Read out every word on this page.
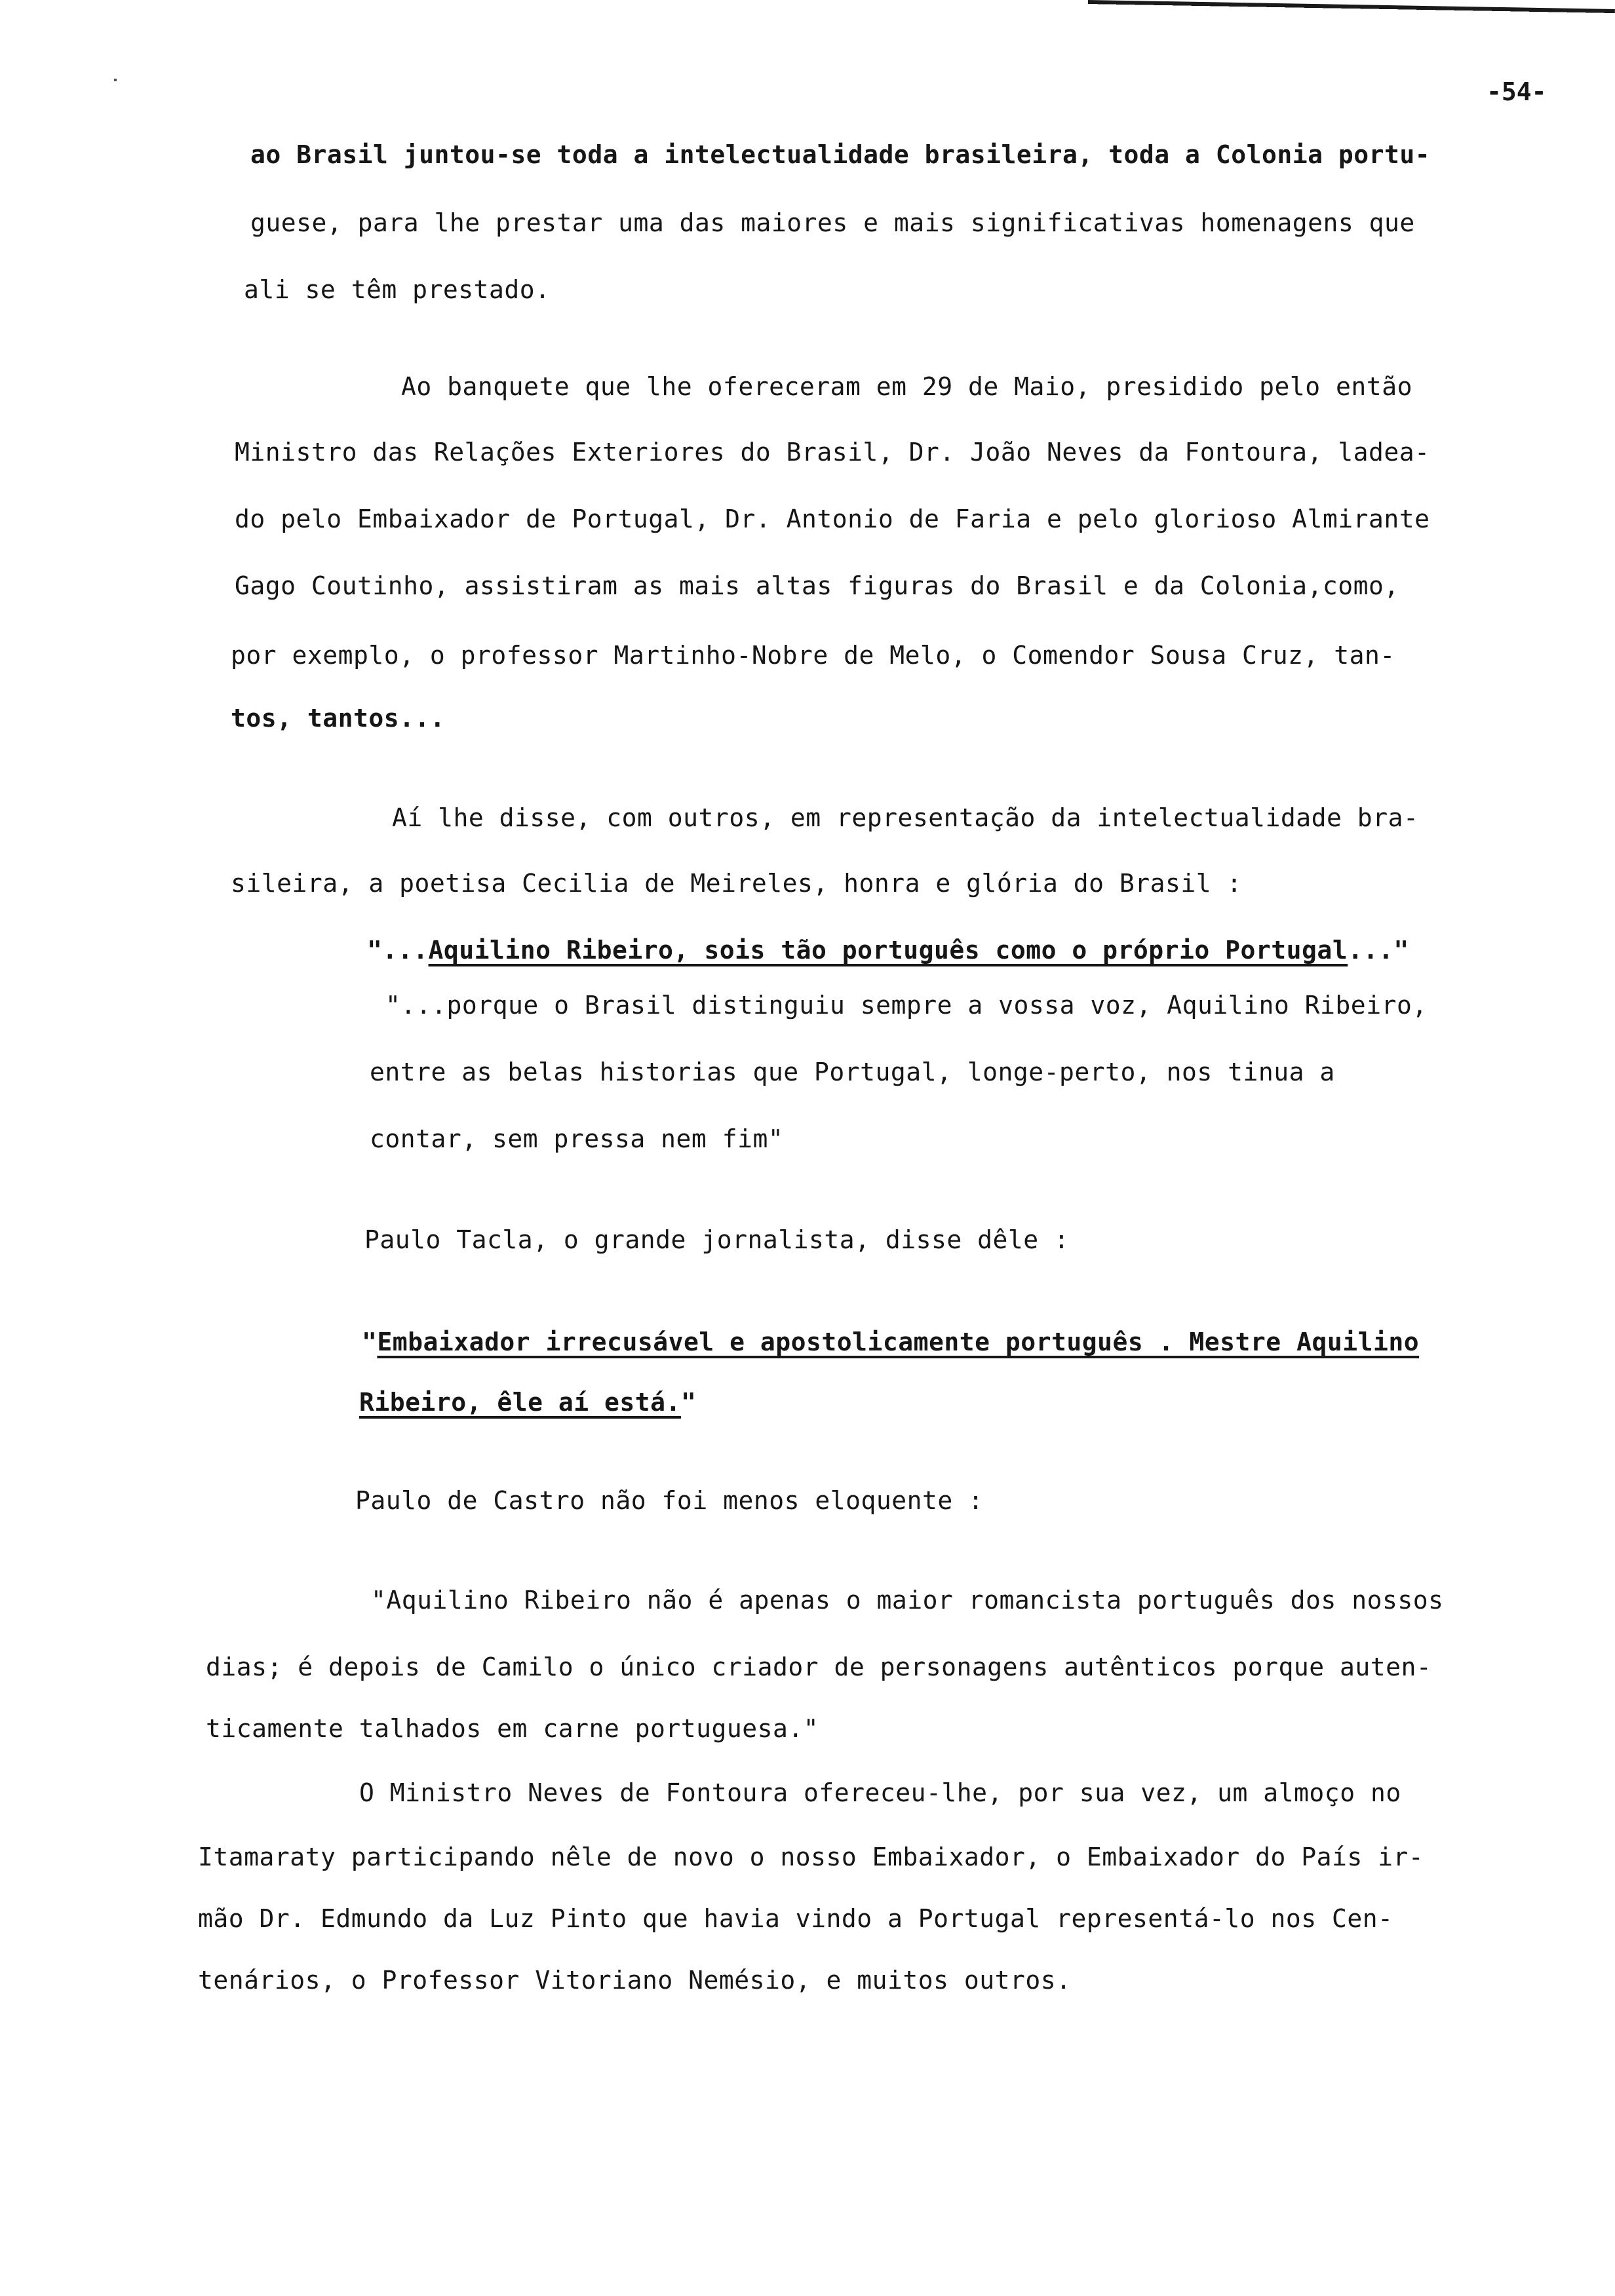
-54-
ao Brasil juntou-se toda a intelectualidade brasileira, toda a Colonia portu-
guese, para lhe prestar uma das maiores e mais significativas homenagens que
ali se têm prestado.
Ao banquete que lhe ofereceram em 29 de Maio, presidido pelo então
Ministro das Relações Exteriores do Brasil, Dr. João Neves da Fontoura, ladea-
do pelo Embaixador de Portugal, Dr. Antonio de Faria e pelo glorioso Almirante
Gago Coutinho, assistiram as mais altas figuras do Brasil e da Colonia,como,
por exemplo, o professor Martinho-Nobre de Melo, o Comendor Sousa Cruz, tan-
tos, tantos...
Aí lhe disse, com outros, em representação da intelectualidade bra-
sileira, a poetisa Cecilia de Meireles, honra e glória do Brasil :
"...Aquilino Ribeiro, sois tão português como o próprio Portugal..."
"...porque o Brasil distinguiu sempre a vossa voz, Aquilino Ribeiro,
entre as belas historias que Portugal, longe-perto, nos tinua a
contar, sem pressa nem fim"
Paulo Tacla, o grande jornalista, disse dêle :
"Embaixador irrecusável e apostolicamente português . Mestre Aquilino
Ribeiro, êle aí está."
Paulo de Castro não foi menos eloquente :
"Aquilino Ribeiro não é apenas o maior romancista português dos nossos
dias; é depois de Camilo o único criador de personagens autênticos porque auten-
ticamente talhados em carne portuguesa."
O Ministro Neves de Fontoura ofereceu-lhe, por sua vez, um almoço no
Itamaraty participando nêle de novo o nosso Embaixador, o Embaixador do País ir-
mão Dr. Edmundo da Luz Pinto que havia vindo a Portugal representá-lo nos Cen-
tenários, o Professor Vitoriano Nemésio, e muitos outros.
